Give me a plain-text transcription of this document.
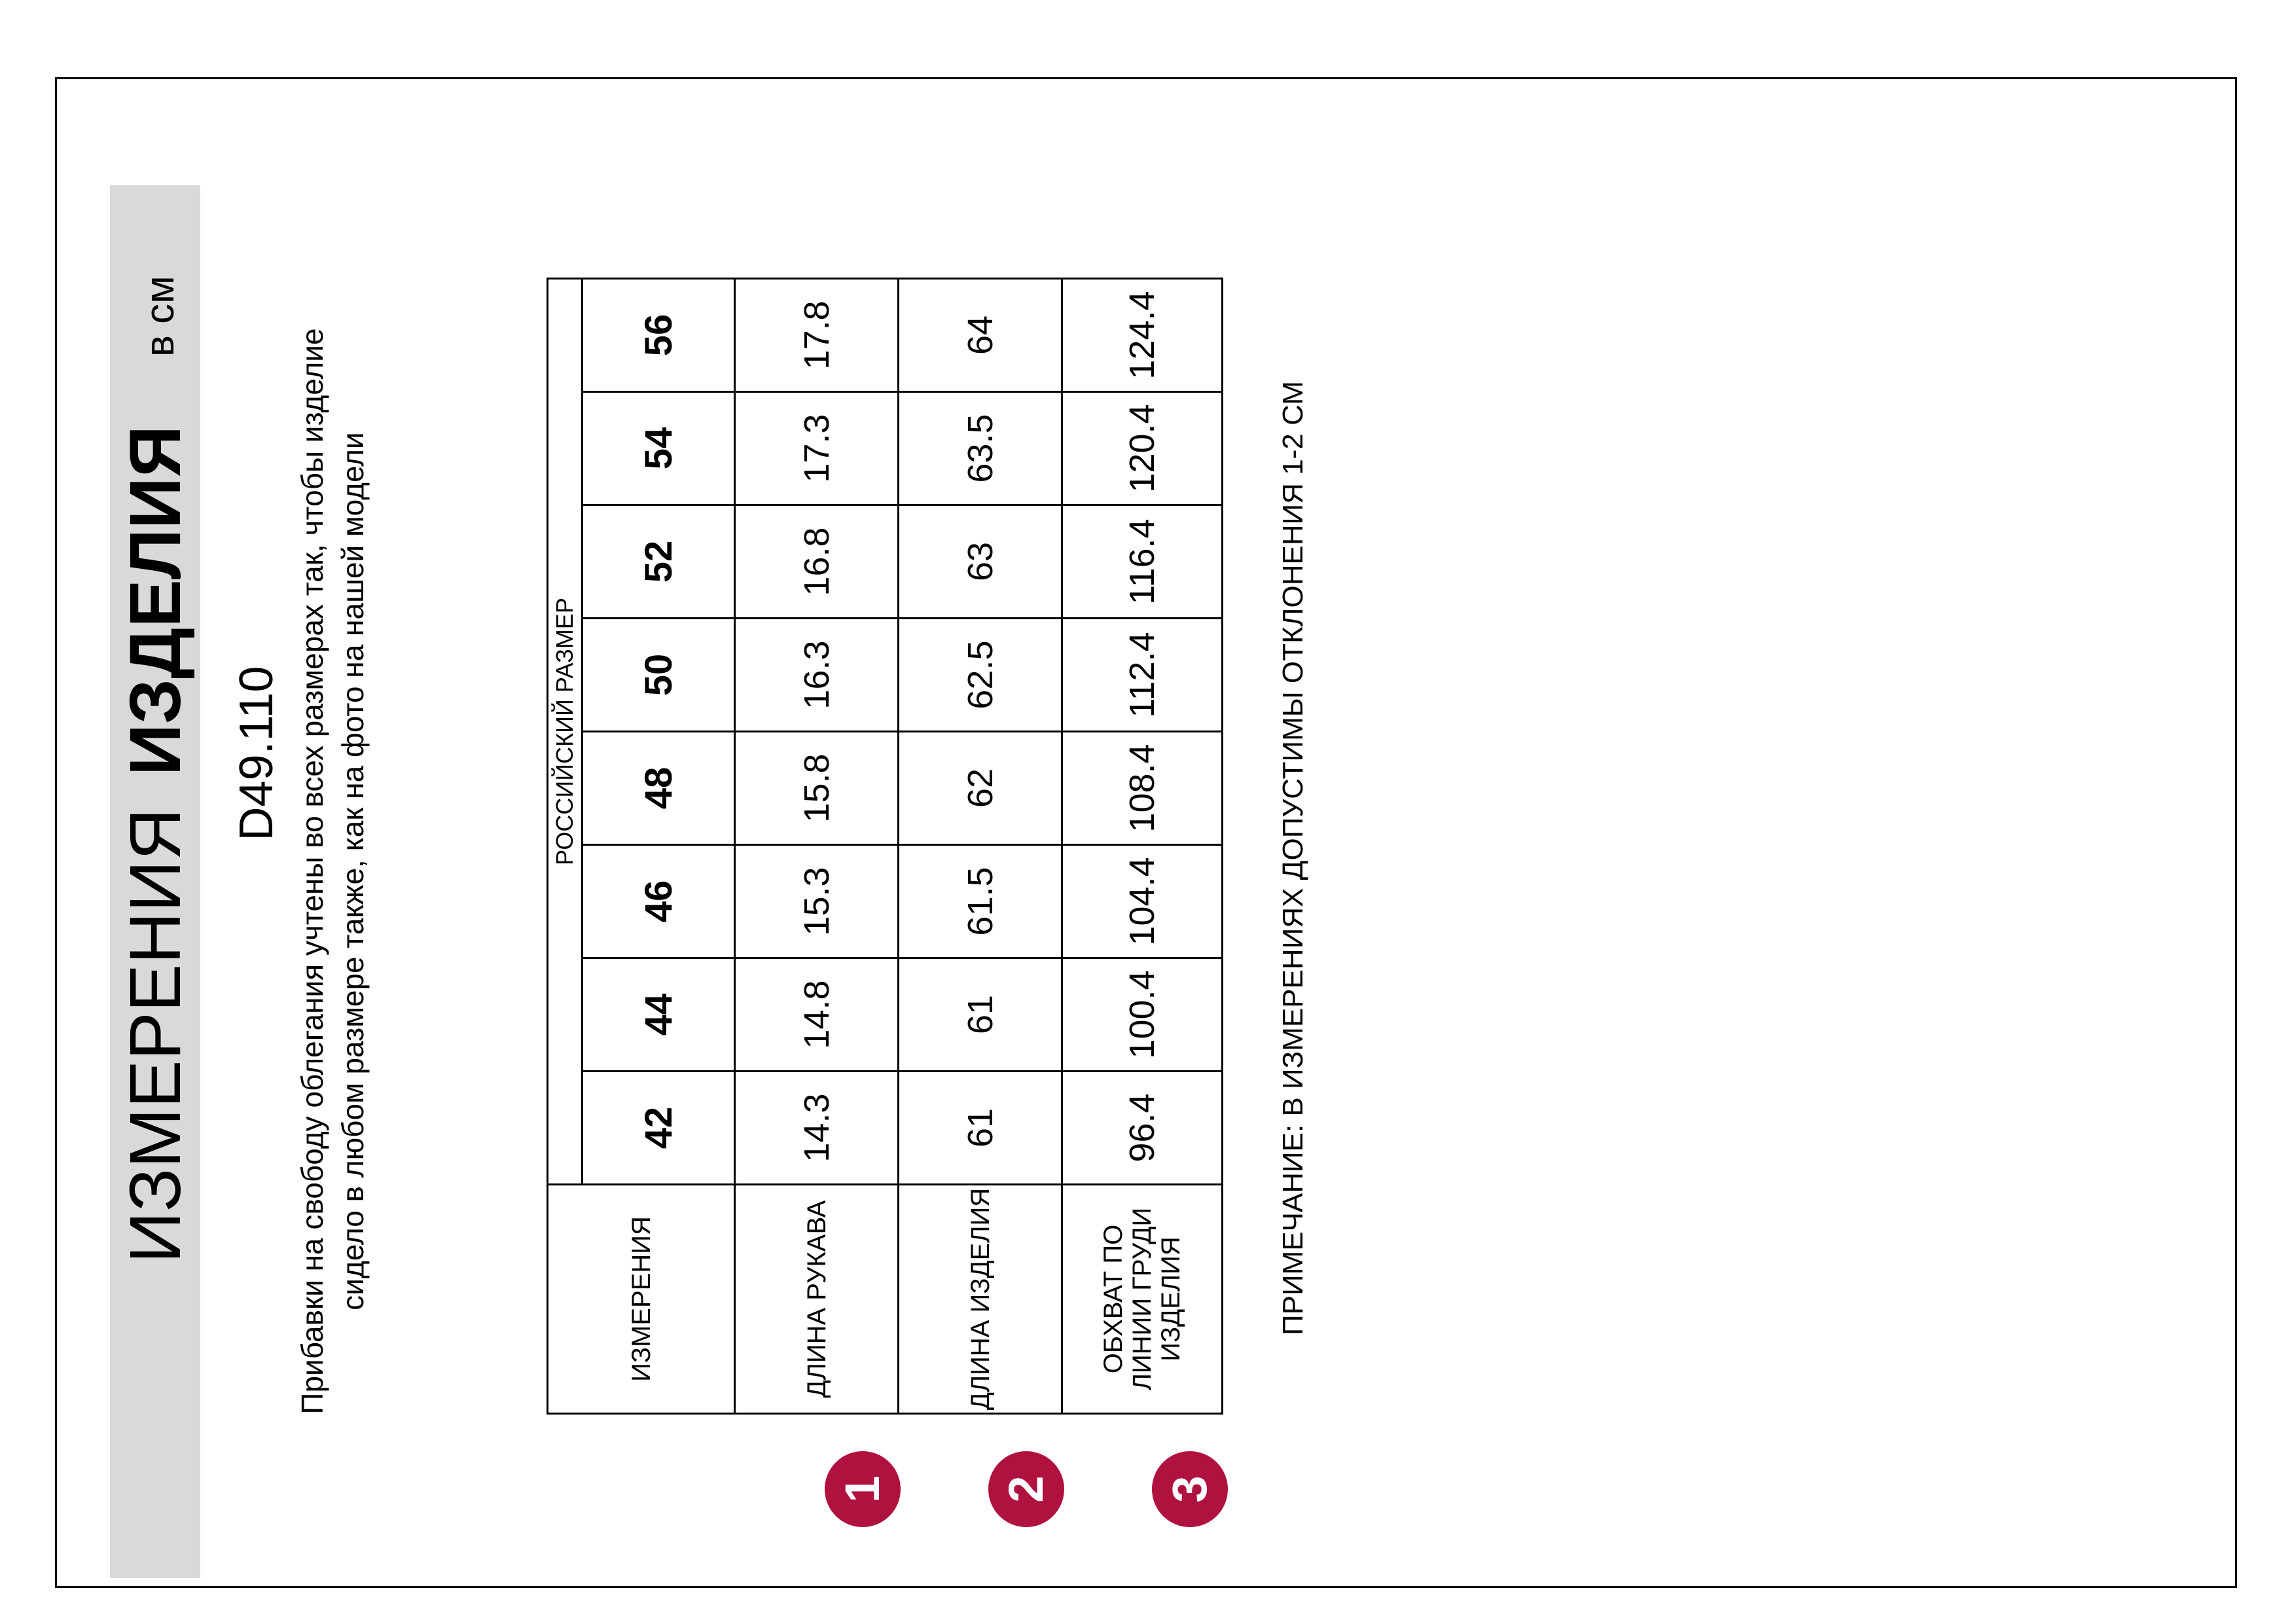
ИЗМЕРЕНИЯ
ИЗДЕЛИЯ
в см
D49.110 Прибавки на свободу облегания учтены во всех размерах так, чтобы изделие сидело в любом размере также, как на фото на нашей модели	ИЗМЕРЕНИЯ	РОССИЙСКИЙ РАЗМЕР							
	42	44	46	48	50	52	54	56
ДЛИНА РУКАВА	14.3	14.8	15.3	15.8	16.3	16.8	17.3	17.8
ДЛИНА ИЗДЕЛИЯ	61	61	61.5	62	62.5	63	63.5	64
ОБХВАТ ПО ЛИНИИ ГРУДИ ИЗДЕЛИЯ	96.4	100.4	104.4	108.4	112.4	116.4	120.4	124.4
1 2 3
ПРИМЕЧАНИЕ: В ИЗМЕРЕНИЯХ ДОПУСТИМЫ ОТКЛОНЕНИЯ 1-2 СМ
